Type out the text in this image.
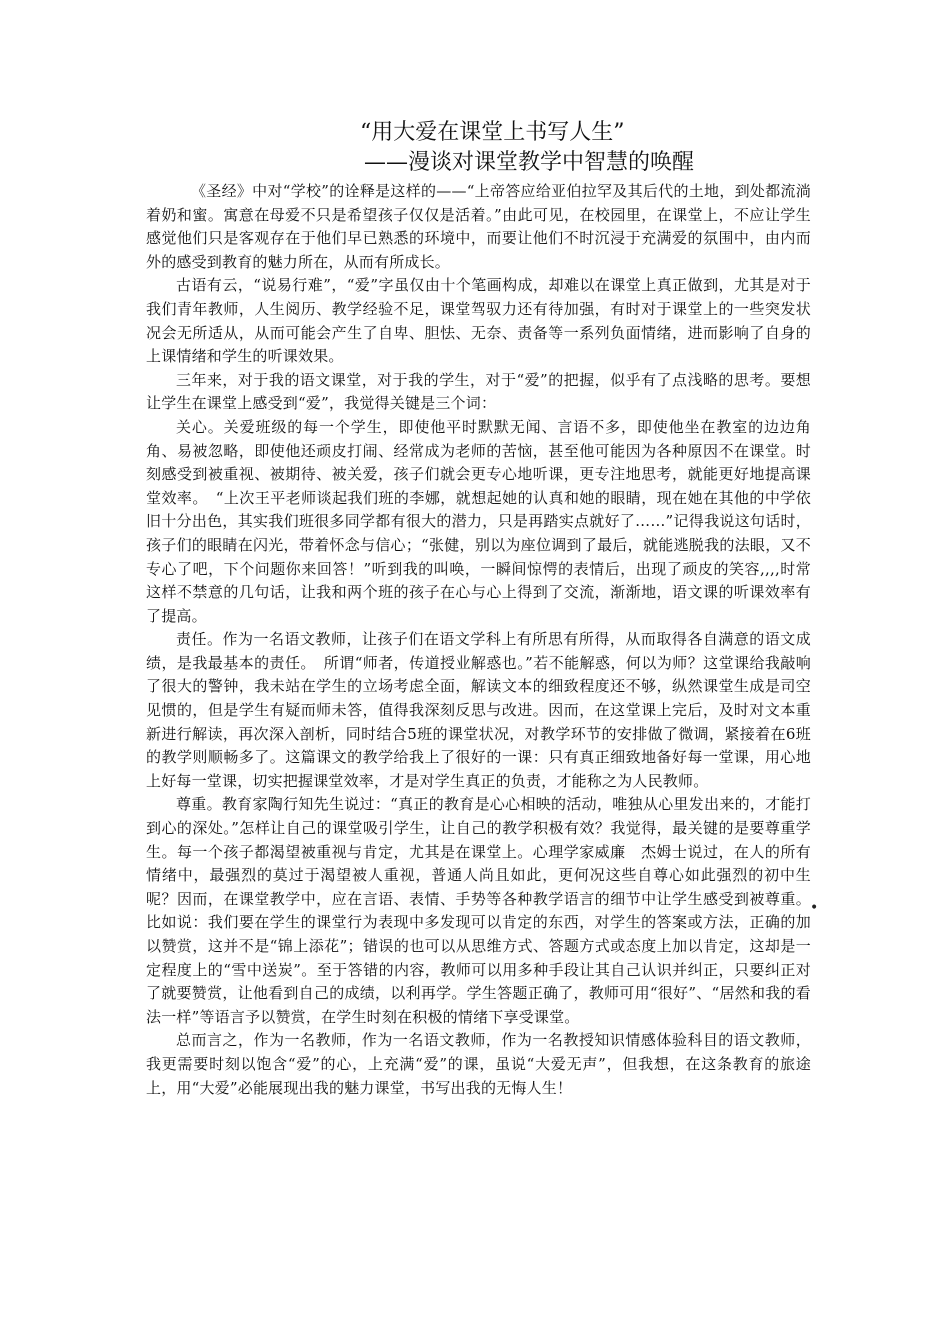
“用大爱在课堂上书写人生”
——漫谈对课堂教学中智慧的唤醒

《圣经》中对“学校”的诠释是这样的——“上帝答应给亚伯拉罕及其后代的土地，到处都流淌着奶和蜜。寓意在母爱不只是希望孩子仅仅是活着。”由此可见，在校园里，在课堂上，不应让学生感觉他们只是客观存在于他们早已熟悉的环境中，而要让他们不时沉浸于充满爱的氛围中，由内而外的感受到教育的魅力所在，从而有所成长。

古语有云，“说易行难”，“爱”字虽仅由十个笔画构成，却难以在课堂上真正做到，尤其是对于我们青年教师，人生阅历、教学经验不足，课堂驾驭力还有待加强，有时对于课堂上的一些突发状况会无所适从，从而可能会产生了自卑、胆怯、无奈、责备等一系列负面情绪，进而影响了自身的上课情绪和学生的听课效果。

三年来，对于我的语文课堂，对于我的学生，对于“爱”的把握，似乎有了点浅略的思考。要想让学生在课堂上感受到“爱”，我觉得关键是三个词：

关心。关爱班级的每一个学生，即使他平时默默无闻、言语不多，即使他坐在教室的边边角角、易被忽略，即使他还顽皮打闹、经常成为老师的苦恼，甚至他可能因为各种原因不在课堂。时刻感受到被重视、被期待、被关爱，孩子们就会更专心地听课，更专注地思考，就能更好地提高课堂效率。　“上次王平老师谈起我们班的李娜，就想起她的认真和她的眼睛，现在她在其他的中学依旧十分出色，其实我们班很多同学都有很大的潜力，只是再踏实点就好了……”记得我说这句话时，孩子们的眼睛在闪光，带着怀念与信心；“张健，别以为座位调到了最后，就能逃脱我的法眼，又不专心了吧，下个问题你来回答！”听到我的叫唤，一瞬间惊愕的表情后，出现了顽皮的笑容,,,,时常这样不禁意的几句话，让我和两个班的孩子在心与心上得到了交流，渐渐地，语文课的听课效率有了提高。

责任。作为一名语文教师，让孩子们在语文学科上有所思有所得，从而取得各自满意的语文成绩，是我最基本的责任。　所谓“师者，传道授业解惑也。”若不能解惑，何以为师？这堂课给我敲响了很大的警钟，我未站在学生的立场考虑全面，解读文本的细致程度还不够，纵然课堂生成是司空见惯的，但是学生有疑而师未答，值得我深刻反思与改进。因而，在这堂课上完后，及时对文本重新进行解读，再次深入剖析，同时结合5班的课堂状况，对教学环节的安排做了微调，紧接着在6班的教学则顺畅多了。这篇课文的教学给我上了很好的一课：只有真正细致地备好每一堂课，用心地上好每一堂课，切实把握课堂效率，才是对学生真正的负责，才能称之为人民教师。

尊重。教育家陶行知先生说过：“真正的教育是心心相映的活动，唯独从心里发出来的，才能打到心的深处。”怎样让自己的课堂吸引学生，让自己的教学积极有效？我觉得，最关键的是要尊重学生。每一个孩子都渴望被重视与肯定，尤其是在课堂上。心理学家威廉　杰姆士说过，在人的所有情绪中，最强烈的莫过于渴望被人重视，普通人尚且如此，更何况这些自尊心如此强烈的初中生呢？因而，在课堂教学中，应在言语、表情、手势等各种教学语言的细节中让学生感受到被尊重。比如说：我们要在学生的课堂行为表现中多发现可以肯定的东西，对学生的答案或方法，正确的加以赞赏，这并不是“锦上添花”；错误的也可以从思维方式、答题方式或态度上加以肯定，这却是一定程度上的“雪中送炭”。至于答错的内容，教师可以用多种手段让其自己认识并纠正，只要纠正对了就要赞赏，让他看到自己的成绩，以利再学。学生答题正确了，教师可用“很好”、“居然和我的看法一样”等语言予以赞赏，在学生时刻在积极的情绪下享受课堂。

总而言之，作为一名教师，作为一名语文教师，作为一名教授知识情感体验科目的语文教师，我更需要时刻以饱含“爱”的心，上充满“爱”的课，虽说“大爱无声”，但我想，在这条教育的旅途上，用“大爱”必能展现出我的魅力课堂，书写出我的无悔人生！

•
